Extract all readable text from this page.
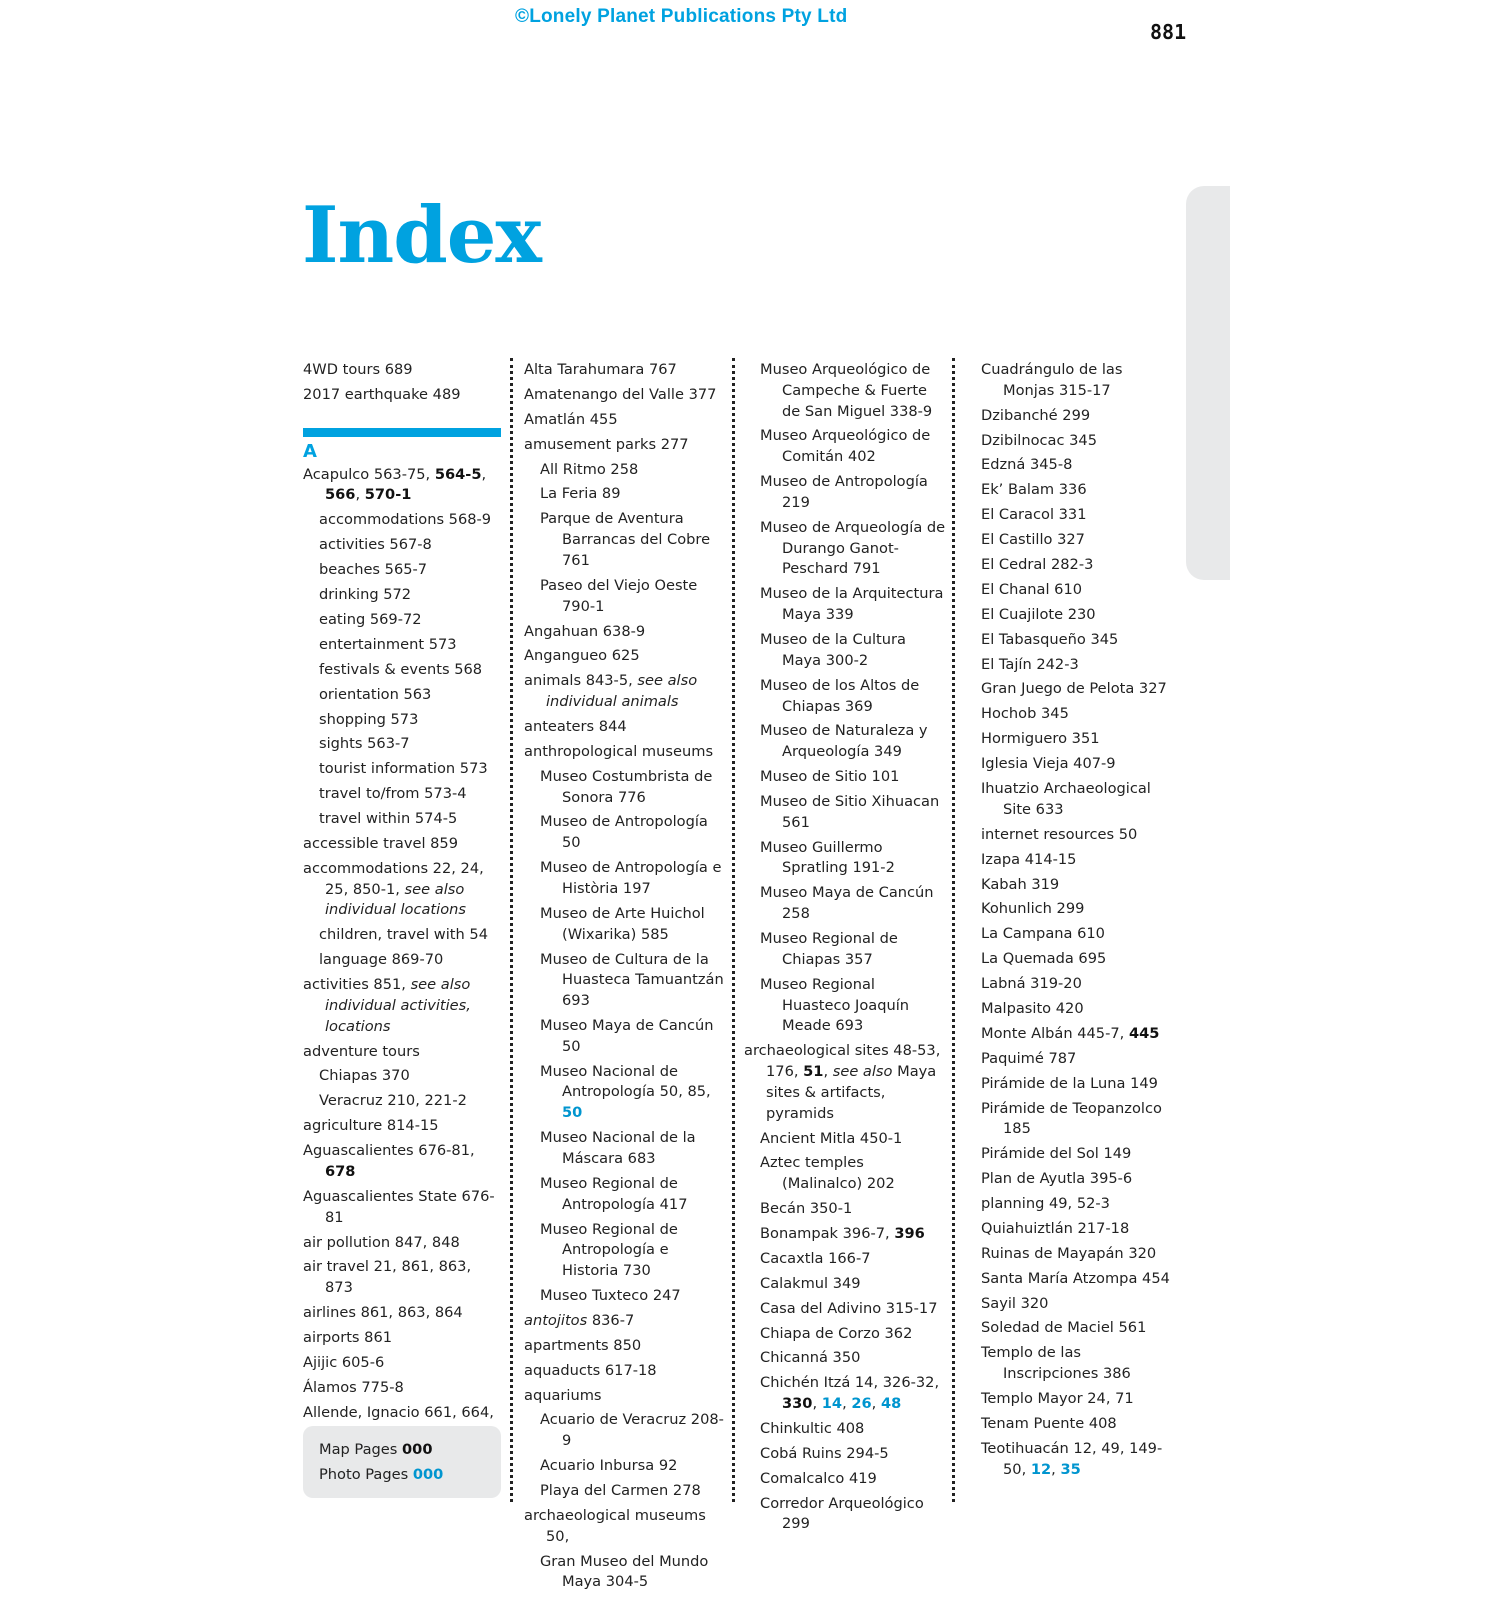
©Lonely Planet Publications Pty Ltd
881
Index
4WD tours 689
2017 earthquake 489
A
Acapulco 563-75, 564-5, 566, 570-1
accommodations 568-9
activities 567-8
beaches 565-7
drinking 572
eating 569-72
entertainment 573
festivals & events 568
orientation 563
shopping 573
sights 563-7
tourist information 573
travel to/from 573-4
travel within 574-5
accessible travel 859
accommodations 22, 24, 25, 850-1, see also individual locations
children, travel with 54
language 869-70
activities 851, see also individual activities, locations
adventure tours
Chiapas 370
Veracruz 210, 221-2
agriculture 814-15
Aguascalientes 676-81, 678
Aguascalientes State 676-81
air pollution 847, 848
air travel 21, 861, 863, 873
airlines 861, 863, 864
airports 861
Ajijic 605-6
Álamos 775-8
Allende, Ignacio 661, 664,
Alta Tarahumara 767
Amatenango del Valle 377
Amatlán 455
amusement parks 277
All Ritmo 258
La Feria 89
Parque de Aventura Barrancas del Cobre 761
Paseo del Viejo Oeste 790-1
Angahuan 638-9
Angangueo 625
animals 843-5, see also individual animals
anteaters 844
anthropological museums
Museo Costumbrista de Sonora 776
Museo de Antropología 50
Museo de Antropología e Història 197
Museo de Arte Huichol (Wixarika) 585
Museo de Cultura de la Huasteca Tamuantzán 693
Museo Maya de Cancún 50
Museo Nacional de Antropología 50, 85, 50
Museo Nacional de la Máscara 683
Museo Regional de Antropología 417
Museo Regional de Antropología e Historia 730
Museo Tuxteco 247
antojitos 836-7
apartments 850
aquaducts 617-18
aquariums
Acuario de Veracruz 208-9
Acuario Inbursa 92
Playa del Carmen 278
archaeological museums 50,
Gran Museo del Mundo Maya 304-5
Museo Arqueológico de Campeche & Fuerte de San Miguel 338-9
Museo Arqueológico de Comitán 402
Museo de Antropología 219
Museo de Arqueología de Durango Ganot-Peschard 791
Museo de la Arquitectura Maya 339
Museo de la Cultura Maya 300-2
Museo de los Altos de Chiapas 369
Museo de Naturaleza y Arqueología 349
Museo de Sitio 101
Museo de Sitio Xihuacan 561
Museo Guillermo Spratling 191-2
Museo Maya de Cancún 258
Museo Regional de Chiapas 357
Museo Regional Huasteco Joaquín Meade 693
archaeological sites 48-53, 176, 51, see also Maya sites & artifacts, pyramids
Ancient Mitla 450-1
Aztec temples (Malinalco) 202
Becán 350-1
Bonampak 396-7, 396
Cacaxtla 166-7
Calakmul 349
Casa del Adivino 315-17
Chiapa de Corzo 362
Chicanná 350
Chichén Itzá 14, 326-32, 330, 14, 26, 48
Chinkultic 408
Cobá Ruins 294-5
Comalcalco 419
Corredor Arqueológico 299
Cuadrángulo de las Monjas 315-17
Dzibanché 299
Dzibilnocac 345
Edzná 345-8
Ek’ Balam 336
El Caracol 331
El Castillo 327
El Cedral 282-3
El Chanal 610
El Cuajilote 230
El Tabasqueño 345
El Tajín 242-3
Gran Juego de Pelota 327
Hochob 345
Hormiguero 351
Iglesia Vieja 407-9
Ihuatzio Archaeological Site 633
internet resources 50
Izapa 414-15
Kabah 319
Kohunlich 299
La Campana 610
La Quemada 695
Labná 319-20
Malpasito 420
Monte Albán 445-7, 445
Paquimé 787
Pirámide de la Luna 149
Pirámide de Teopanzolco 185
Pirámide del Sol 149
Plan de Ayutla 395-6
planning 49, 52-3
Quiahuiztlán 217-18
Ruinas de Mayapán 320
Santa María Atzompa 454
Sayil 320
Soledad de Maciel 561
Templo de las Inscripciones 386
Templo Mayor 24, 71
Tenam Puente 408
Teotihuacán 12, 49, 149-50, 12, 35
Map Pages 000
Photo Pages 000
